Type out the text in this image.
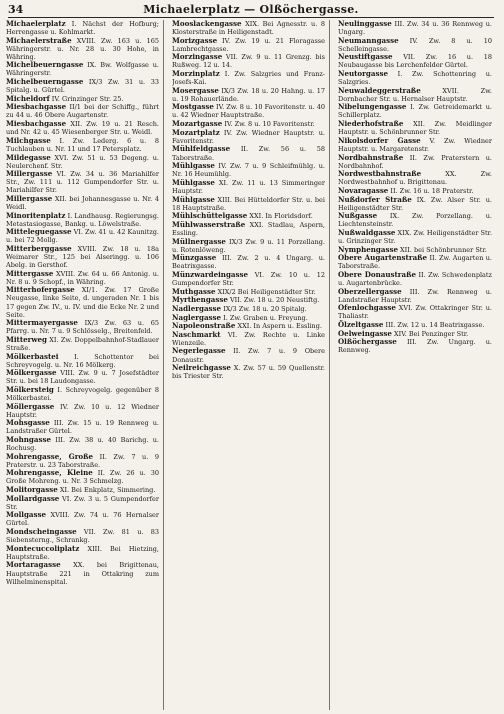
34	Michaelerplatz — Olßöchergasse.

Michaelerplatz I. Nächst der Hofburg; Herrengasse u. Kohlmarkt.

Michaelerstraße XVIII. Zw. 163 u. 165 Währingerstr. u. Nr. 28 u. 30 Hohe, in Währing.

Michelbeuerngasse IX. Bw. Wolfgasse u. Währingerstr.

Michelbeuerngasse IX/3 Zw. 31 u. 33 Spitalg. u. Gürtel.

Micheldorf IV. Grinzinger Str. 25.

Miesbachgasse II/1 bei der Schiffg., führt zu 44 u. 46 Obere Augartenstr.

Miesbachgasse XII. Zw. 19 u. 21 Resch. und Nr. 42 u. 45 Wiesenberger Str. u. Weidl.

Milchgasse I. Zw. Lederg. 6 u. 8 Tuchlauben u. Nr. 11 und 17 Petersplatz.

Mildegasse XVI. Zw. 51 u. 53 Degeng. u. Neulerchenf. Str.

Millergasse VI. Zw. 34 u. 36 Mariahilfer Str., Zw. 111 u. 112 Gumpendorfer Str. u. Mariahilfer Str.

Millergasse XII. bei Johannesgasse u. Nr. 4 Weidl.

Minoritenplatz I. Landhausg. Regierungsg. Metastasiogasse, Bankg. u. Löwelstraße.

Mitteleguegasse VI. Zw. 41 u. 42 Kaunitzg. u. bei 72 Mollg.

Mitterberggasse XVIII. Zw. 18 u. 18a Weimarer Str., 125 bei Alseringg. u. 106 Abelg. in Gersthof.

Mittergasse XVIII. Zw. 64 u. 66 Antonig. u. Nr. 8 u. 9 Schopf., in Währing.

Mitterhofergasse XI/1. Zw. 17 Große Neugasse, linke Seite, d. ungeraden Nr. 1 bis 17 gegen Zw. IV., u. IV. und die Ecke Nr. 2 und Seite.

Mittermayergasse IX/3 Zw. 63 u. 65 Pfarrg. u. Nr. 7 u. 9 Schlösselg., Breitenfeld.

Mitterweg XI. Zw. Doppelbahnhof-Stadlauer Straße.

Mölkerbastei I. Schottentor bei Schreyvogelg. u. Nr. 16 Mölkerg.

Mölkergasse VIII. Zw. 9 u. 7 Josefstädter Str. u. bei 18 Laudongasse.

Mölkersteig I. Schreyvogelg. gegenüber 8 Mölkerbastei.

Möllergasse IV. Zw. 10 u. 12 Wiedner Hauptstr.

Mohsgasse III. Zw. 15 u. 19 Rennweg u. Landstraßer Gürtel.

Mohngasse III. Zw. 38 u. 40 Barichg. u. Rochusg.

Mohrengasse, Große II. Zw. 7 u. 9 Praterstr. u. 23 Taborstraße.

Mohrengasse, Kleine II. Zw. 26 u. 30 Große Mohreng. u. Nr. 3 Schmelzg.

Molitorgasse XI. Bei Enkplatz, Simmering.

Mollardgasse VI. Zw. 3 u. 5 Gumpendorfer Str.

Mollgasse XVIII. Zw. 74 u. 76 Hernalser Gürtel.

Mondscheingasse VII. Zw. 81 u. 83 Siebensterng., Schrankg.

Montecuccoliplatz XIII. Bei Hietzing, Hauptstraße.

Mortaragasse XX. bei Brigittenau, Hauptstraße 221 in Ottakring zum Wilhelminenspital.

Mooslackengasse XIX. Bei Agnesstr. u. 8 Klosterstraße in Heiligenstadt.

Morizgasse IV. Zw. 19 u. 21 Floragasse Lambrechtgasse.

Morzingasse VII. Zw. 9 u. 11 Grenzg. bis Rußweg. 12 u. 14.

Morzinplatz I. Zw. Salzgries und Franz-Josefs-Kai.

Mosergasse IX/3 Zw. 18 u. 20 Hahng. u. 17 u. 19 Rohauerlände.

Mostgasse IV. Zw. 8 u. 10 Favoritenstr. u. 40 u. 42 Wiedner Hauptstraße.

Mozartgasse IV. Zw. 8 u. 10 Favoritenstr.

Mozartplatz IV. Zw. Wiedner Hauptstr. u. Favoritenstr.

Mühlfeldgasse II. Zw. 56 u. 58 Taborstraße.

Mühlgasse IV. Zw. 7 u. 9 Schleifmühlg. u. Nr. 16 Heumühlg.

Mühlgasse XI. Zw. 11 u. 13 Simmeringer Hauptstr.

Mühlgasse XIII. Bei Hütteldorfer Str. u. bei 18 Hauptstraße.

Mühlschüttelgasse XXI. In Floridsdorf.

Mühlwasserstraße XXI. Stadlau, Aspern, Essling.

Müllnergasse IX/3 Zw. 9 u. 11 Porzellang. u. Rotenlöweng.

Münzgasse III. Zw. 2 u. 4 Ungarg. u. Beatrixgasse.

Münzwardeingasse VI. Zw. 10 u. 12 Gumpendorfer Str.

Muthgasse XIX/2 Bei Heiligenstädter Str.

Myrthengasse VII. Zw. 18 u. 20 Neustiftg.

Nadlergasse IX/3 Zw. 18 u. 20 Spitalg.

Naglergasse I. Zw. Graben u. Freyung.

Napoleonstraße XXI. In Aspern u. Essling.

Naschmarkt VI. Zw. Rechte u. Linke Wienzeile.

Negerlegasse II. Zw. 7 u. 9 Obere Donaustr.

Neilreichgasse X. Zw. 57 u. 59 Quellenstr. bis Triester Str.

Neulinggasse III. Zw. 34 u. 36 Rennweg u. Ungarg.

Neumanngasse IV. Zw. 8 u. 10 Schelleingasse.

Neustiftgasse VII. Zw. 16 u. 18 Neubaugasse bis Lerchenfelder Gürtel.

Neutorgasse I. Zw. Schottenring u. Salzgries.

Neuwaldeggerstraße	XVII. Zw. Dornbacher Str. u. Hernalser Hauptstr.

Nibelungengasse I. Zw. Getreidemarkt u. Schillerplatz.

Niederhofstraße XII. Zw. Meidlinger Hauptstr. u. Schönbrunner Str.

Nikolsdorfer Gasse V. Zw. Wiedner Hauptstr. u. Margaretenstr.

Nordbahnstraße II. Zw. Praterstern u. Nordbahnhof.

Nordwestbahnstraße	XX. Zw. Nordwestbahnhof u. Brigittenau.

Novaragasse II. Zw. 16 u. 18 Praterstr.

Nußdorfer Straße IX. Zw. Alser Str. u. Heiligenstädter Str.

Nußgasse IX. Zw. Porzellang. u. Liechtensteinstr.

Nußwaldgasse XIX. Zw. Heiligenstädter Str. u. Grinzinger Str.

Nymphengasse XII. bei Schönbrunner Str.

Obere Augartenstraße II. Zw. Augarten u. Taborstraße.

Obere Donaustraße II. Zw. Schwedenplatz u. Augartenbrücke.

Oberzellergasse III. Zw. Rennweg u. Landstraßer Hauptstr.

Ofenlochgasse XVI. Zw. Ottakringer Str. u. Thaliastr.

Ölzeltgasse III. Zw. 12 u. 14 Beatrixgasse.

Oelweingasse XIV. Bei Penzinger Str.

Olßöchergasse III. Zw. Ungarg. u. Rennweg.
